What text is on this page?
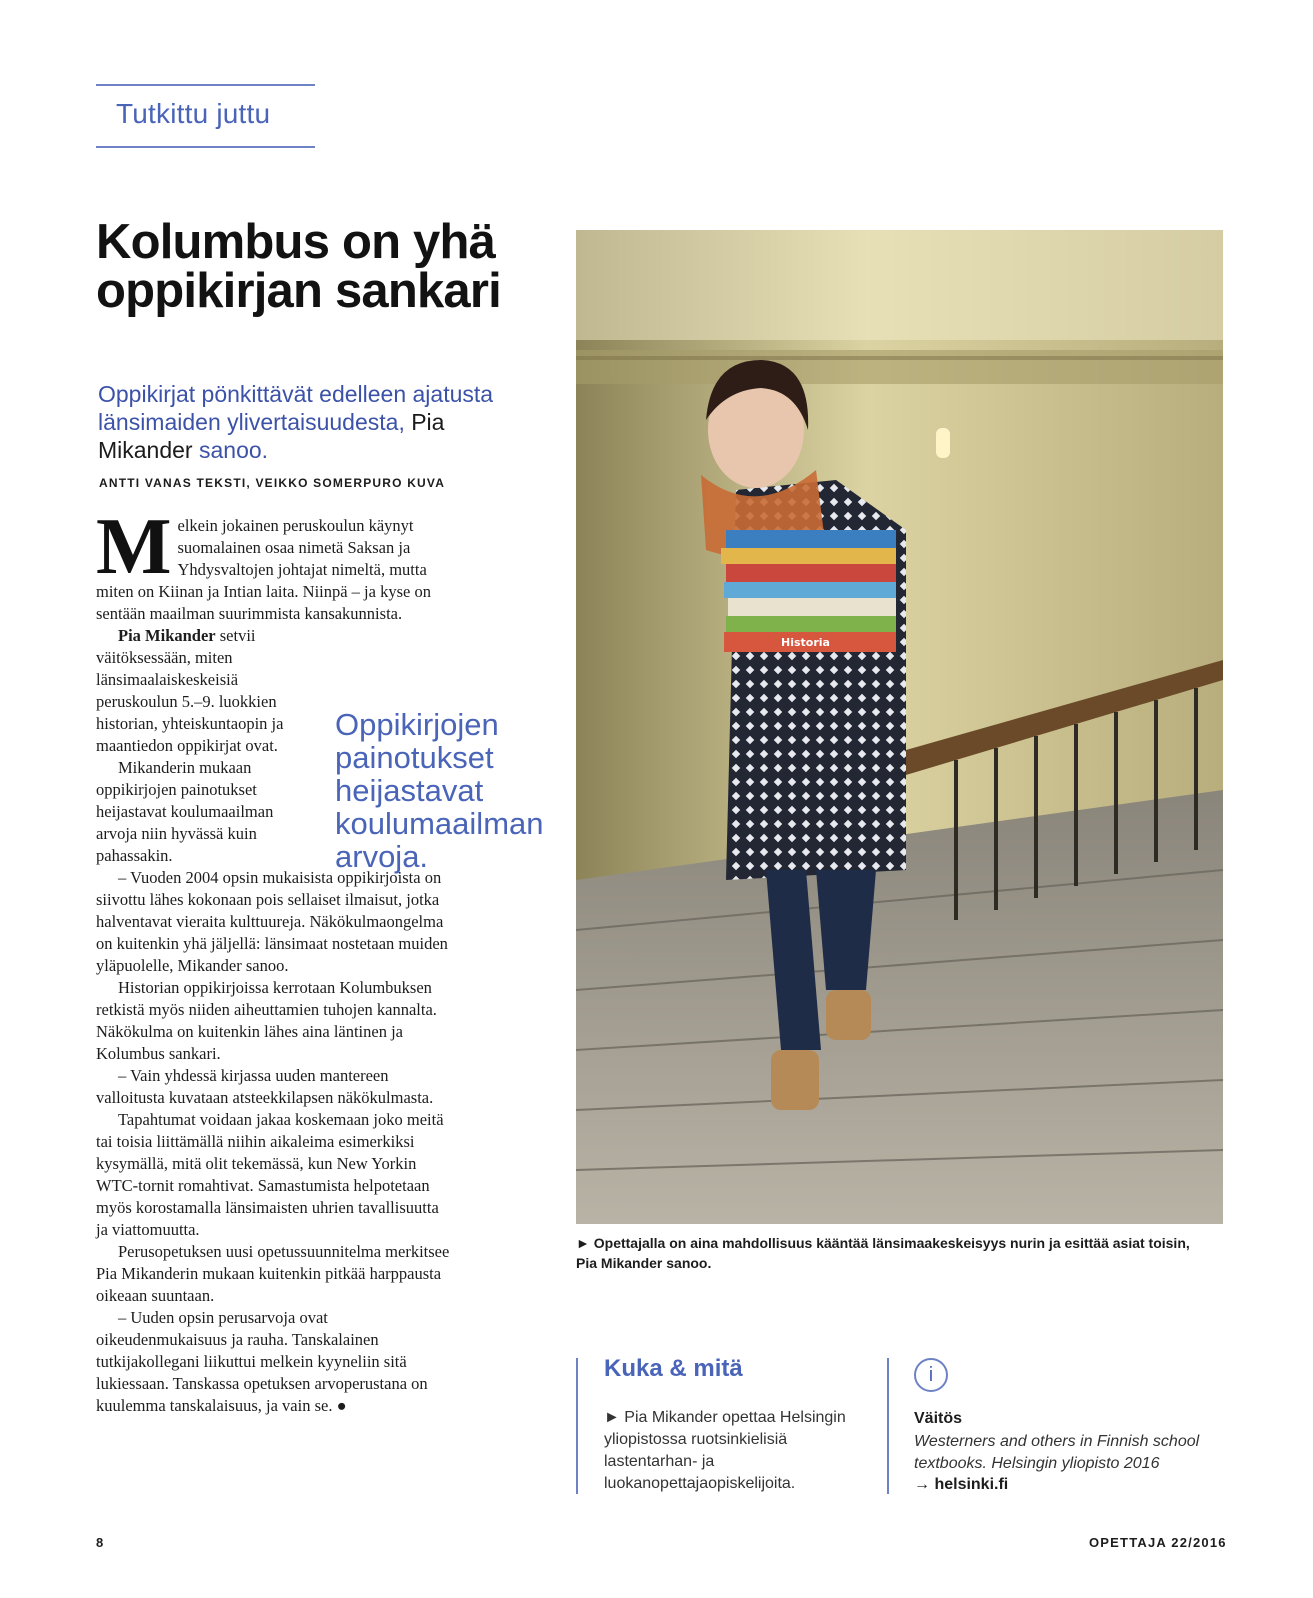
Tutkittu juttu
Kolumbus on yhä oppikirjan sankari
Oppikirjat pönkittävät edelleen ajatusta länsimaiden ylivertaisuudesta, Pia Mikander sanoo.
ANTTI VANAS TEKSTI, VEIKKO SOMERPURO KUVA

Melkein jokainen peruskoulun käynyt suomalainen osaa nimetä Saksan ja Yhdysvaltojen johtajat nimeltä, mutta miten on Kiinan ja Intian laita. Niinpä – ja kyse on sentään maailman suurimmista kansakunnista.

Pia Mikander setvii väitöksessään, miten länsimaalaiskeskeisiä peruskoulun 5.–9. luokkien historian, yhteiskuntaopin ja maantiedon oppikirjat ovat.

Mikanderin mukaan oppikirjojen painotukset heijastavat koulumaailman arvoja niin hyvässä kuin pahassakin.

– Vuoden 2004 opsin mukaisista oppikirjoista on siivottu lähes kokonaan pois sellaiset ilmaisut, jotka halventavat vieraita kulttuureja. Näkökulmaongelma on kuitenkin yhä jäljellä: länsimaat nostetaan muiden yläpuolelle, Mikander sanoo.

Historian oppikirjoissa kerrotaan Kolumbuksen retkistä myös niiden aiheuttamien tuhojen kannalta. Näkökulma on kuitenkin lähes aina läntinen ja Kolumbus sankari.

– Vain yhdessä kirjassa uuden mantereen valloitusta kuvataan atsteekkilapsen näkökulmasta.

Tapahtumat voidaan jakaa koskemaan joko meitä tai toisia liittämällä niihin aikaleima esimerkiksi kysymällä, mitä olit tekemässä, kun New Yorkin WTC-tornit romahtivat. Samastumista helpotetaan myös korostamalla länsimaisten uhrien tavallisuutta ja viattomuutta.

Perusopetuksen uusi opetussuunnitelma merkitsee Pia Mikanderin mukaan kuitenkin pitkää harppausta oikeaan suuntaan.

– Uuden opsin perusarvoja ovat oikeudenmukaisuus ja rauha. Tanskalainen tutkijakollegani liikuttui melkein kyyneliin sitä lukiessaan. Tanskassa opetuksen arvoperustana on kuulemma tanskalaisuus, ja vain se. ●

Oppikirjojen painotukset heijastavat koulumaailman arvoja.
Historia
► Opettajalla on aina mahdollisuus kääntää länsimaakeskeisyys nurin ja esittää asiat toisin, Pia Mikander sanoo.
Kuka & mitä
► Pia Mikander opettaa Helsingin yliopistossa ruotsinkielisiä lastentarhan- ja luokanopettajaopiskelijoita.
i
Väitös
Westerners and others in Finnish school textbooks. Helsingin yliopisto 2016
→ helsinki.fi
8	OPETTAJA 22/2016
